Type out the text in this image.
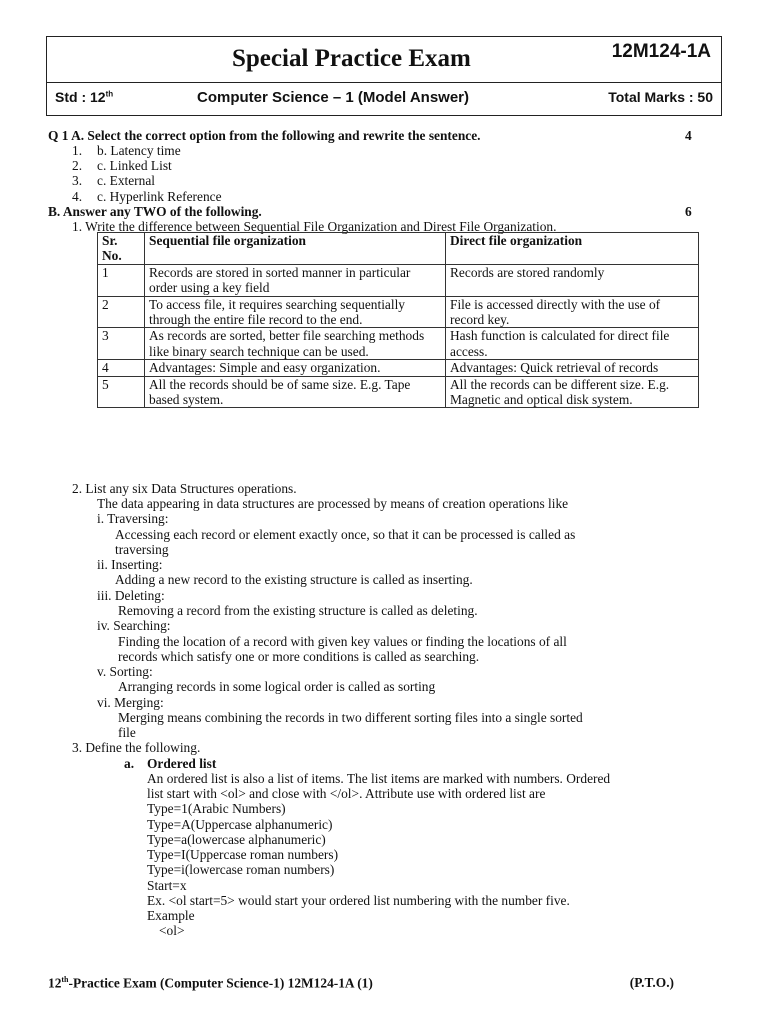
Special Practice Exam	12M124-1A
Std : 12th	Computer Science – 1 (Model Answer)	Total Marks : 50
Q 1 A. Select the correct option from the following and rewrite the sentence.	4
1. b. Latency time
2. c. Linked List
3. c. External
4. c. Hyperlink Reference
B. Answer any TWO of the following.	6
1. Write the difference between Sequential File Organization and Direst File Organization.
Sr. No.	Sequential file organization	Direct file organization
1	Records are stored in sorted manner in particular order using a key field	Records are stored randomly
2	To access file, it requires searching sequentially through the entire file record to the end.	File is accessed directly with the use of record key.
3	As records are sorted, better file searching methods like binary search technique can be used.	Hash function is calculated for direct file access.
4	Advantages: Simple and easy organization.	Advantages: Quick retrieval of records
5	All the records should be of same size. E.g. Tape based system.	All the records can be different size. E.g. Magnetic and optical disk system.
2. List any six Data Structures operations.
The data appearing in data structures are processed by means of creation operations like
i. Traversing:
Accessing each record or element exactly once, so that it can be processed is called as
traversing
ii. Inserting:
Adding a new record to the existing structure is called as inserting.
iii. Deleting:
Removing a record from the existing structure is called as deleting.
iv. Searching:
Finding the location of a record with given key values or finding the locations of all
records which satisfy one or more conditions is called as searching.
v. Sorting:
Arranging records in some logical order is called as sorting
vi. Merging:
Merging means combining the records in two different sorting files into a single sorted
file
3. Define the following.
a. Ordered list
An ordered list is also a list of items. The list items are marked with numbers. Ordered
list start with <ol> and close with </ol>. Attribute use with ordered list are
Type=1(Arabic Numbers)
Type=A(Uppercase alphanumeric)
Type=a(lowercase alphanumeric)
Type=I(Uppercase roman numbers)
Type=i(lowercase roman numbers)
Start=x
Ex. <ol start=5> would start your ordered list numbering with the number five.
Example
<ol>
12th-Practice Exam (Computer Science-1) 12M124-1A (1)	(P.T.O.)
